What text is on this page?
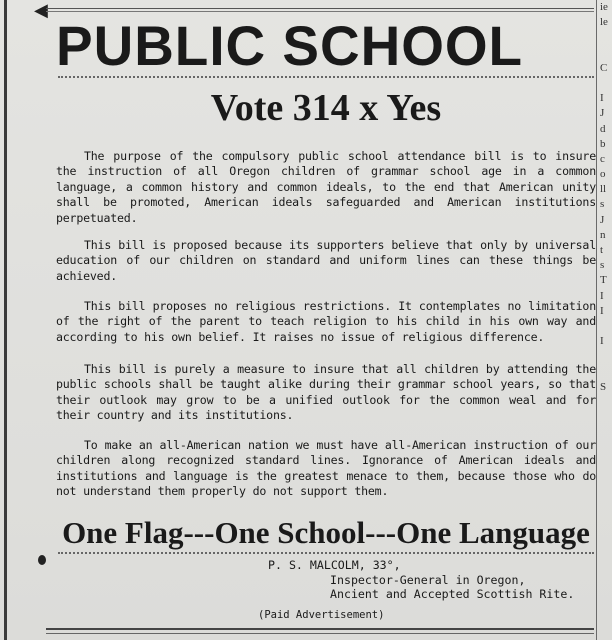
◀
PUBLIC SCHOOL
Vote 314 x Yes
The purpose of the compulsory public school attendance bill is to insure the instruction of all Oregon children of grammar school age in a common language, a common history and common ideals, to the end that American unity shall be promoted, American ideals safeguarded and American institutions perpetuated.
This bill is proposed because its supporters believe that only by universal education of our children on standard and uniform lines can these things be achieved.
This bill proposes no religious restrictions. It contemplates no limitation of the right of the parent to teach religion to his child in his own way and according to his own belief. It raises no issue of religious difference.
This bill is purely a measure to insure that all children by attending the public schools shall be taught alike during their grammar school years, so that their outlook may grow to be a unified outlook for the common weal and for their country and its institutions.
To make an all-American nation we must have all-American instruction of our children along recognized standard lines. Ignorance of American ideals and institutions and language is the greatest menace to them, because those who do not understand them properly do not support them.
One Flag---One School---One Language
P. S. MALCOLM, 33°,
Inspector-General in Oregon,
Ancient and Accepted Scottish Rite.
(Paid Advertisement)
ie
le
C
I
J
d
b
c
o
ll
s
J
n
t
s
T
I
I
I
S
